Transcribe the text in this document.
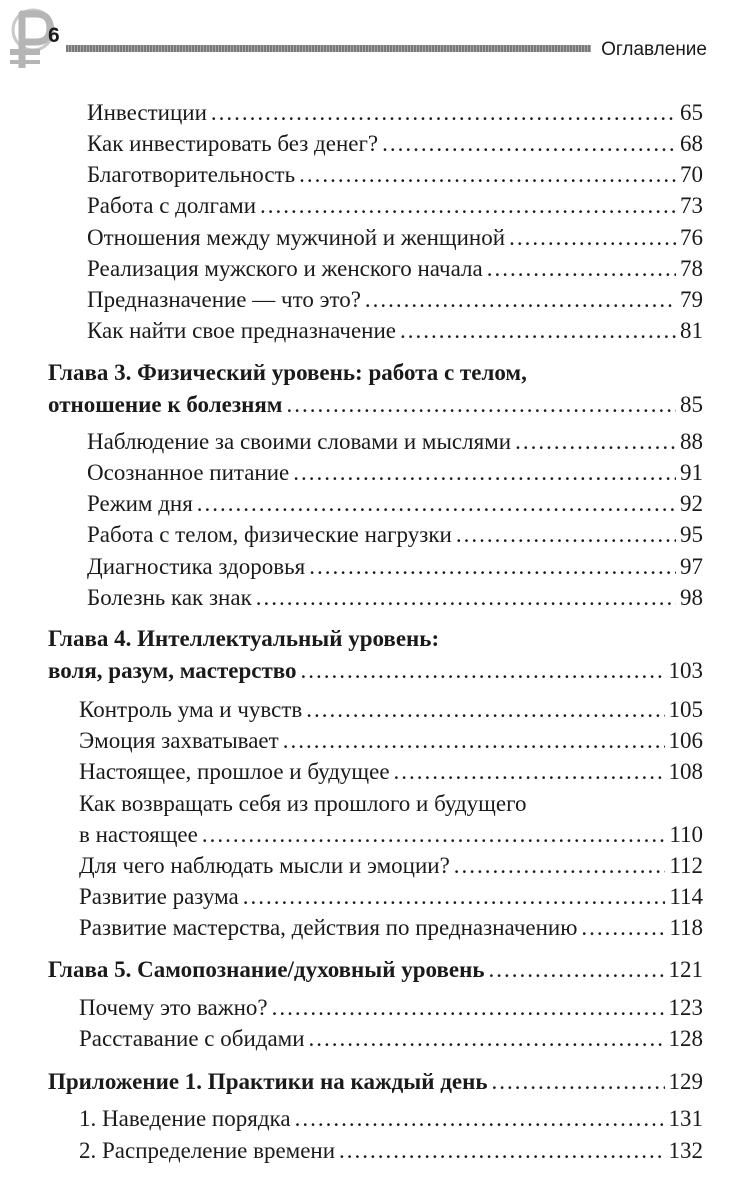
6
Оглавление
Инвестиции .....	65
Как инвестировать без денег? .....	68
Благотворительность .....	70
Работа с долгами .....	73
Отношения между мужчиной и женщиной .....	76
Реализация мужского и женского начала .....	78
Предназначение — что это? .....	79
Как найти свое предназначение .....	81
Глава 3. Физический уровень: работа с телом,
отношение к болезням .....	85
Наблюдение за своими словами и мыслями .....	88
Осознанное питание .....	91
Режим дня .....	92
Работа с телом, физические нагрузки .....	95
Диагностика здоровья .....	97
Болезнь как знак .....	98
Глава 4. Интеллектуальный уровень:
воля, разум, мастерство .....	103
Контроль ума и чувств .....	105
Эмоция захватывает .....	106
Настоящее, прошлое и будущее .....	108
Как возвращать себя из прошлого и будущего
в настоящее .....	110
Для чего наблюдать мысли и эмоции? .....	112
Развитие разума .....	114
Развитие мастерства, действия по предназначению .....	118
Глава 5. Самопознание/духовный уровень .....	121
Почему это важно? .....	123
Расставание с обидами .....	128
Приложение 1. Практики на каждый день .....	129
1. Наведение порядка .....	131
2. Распределение времени .....	132
